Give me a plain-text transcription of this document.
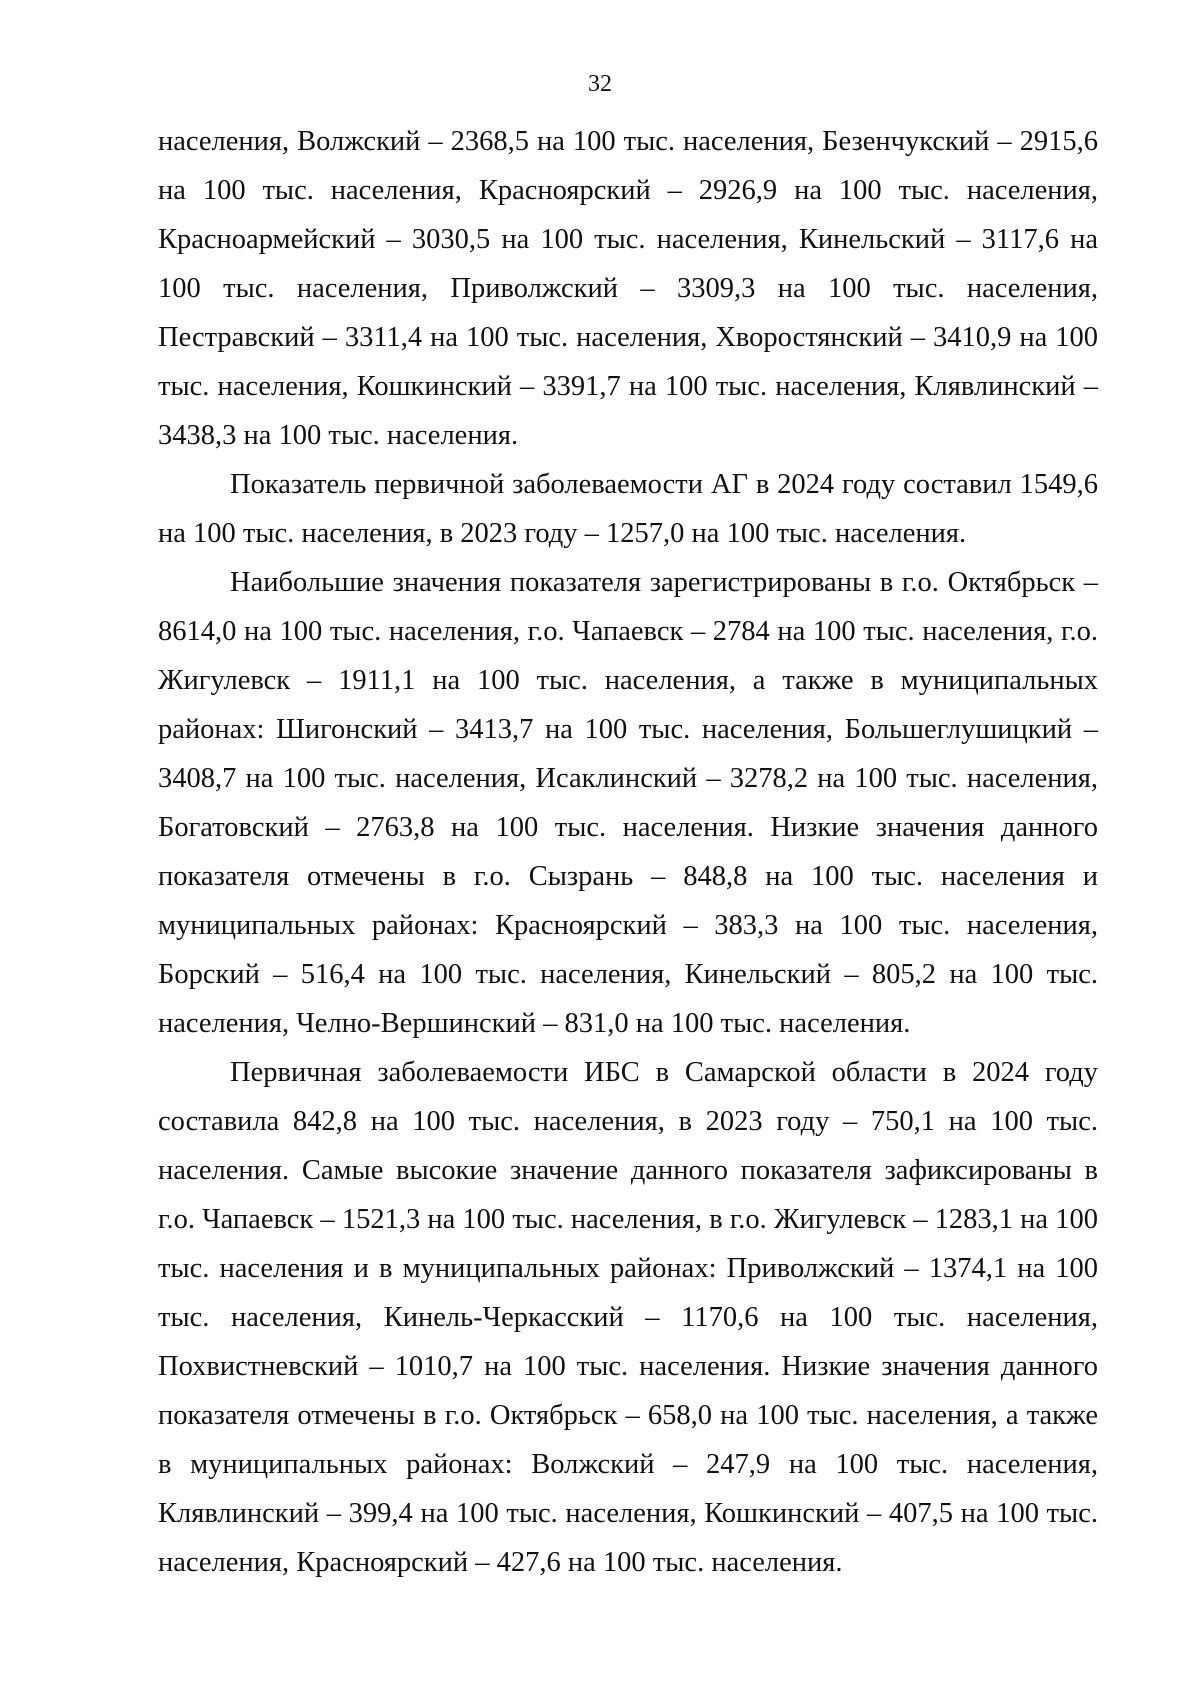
32

населения, Волжский – 2368,5 на 100 тыс. населения, Безенчукский – 2915,6 на 100 тыс. населения, Красноярский – 2926,9 на 100 тыс. населения, Красноармейский – 3030,5 на 100 тыс. населения, Кинельский – 3117,6 на 100 тыс. населения, Приволжский – 3309,3 на 100 тыс. населения, Пестравский – 3311,4 на 100 тыс. населения, Хворостянский – 3410,9 на 100 тыс. населения, Кошкинский – 3391,7 на 100 тыс. населения, Клявлинский – 3438,3 на 100 тыс. населения.

Показатель первичной заболеваемости АГ в 2024 году составил 1549,6 на 100 тыс. населения, в 2023 году – 1257,0 на 100 тыс. населения.

Наибольшие значения показателя зарегистрированы в г.о. Октябрьск – 8614,0 на 100 тыс. населения, г.о. Чапаевск – 2784 на 100 тыс. населения, г.о. Жигулевск – 1911,1 на 100 тыс. населения, а также в муниципальных районах: Шигонский – 3413,7 на 100 тыс. населения, Большеглушицкий – 3408,7 на 100 тыс. населения, Исаклинский – 3278,2 на 100 тыс. населения, Богатовский – 2763,8 на 100 тыс. населения. Низкие значения данного показателя отмечены в г.о. Сызрань – 848,8 на 100 тыс. населения и муниципальных районах: Красноярский – 383,3 на 100 тыс. населения, Борский – 516,4 на 100 тыс. населения, Кинельский – 805,2 на 100 тыс. населения, Челно-Вершинский – 831,0 на 100 тыс. населения.

Первичная заболеваемости ИБС в Самарской области в 2024 году составила 842,8 на 100 тыс. населения, в 2023 году – 750,1 на 100 тыс. населения. Самые высокие значение данного показателя зафиксированы в г.о. Чапаевск – 1521,3 на 100 тыс. населения, в г.о. Жигулевск – 1283,1 на 100 тыс. населения и в муниципальных районах: Приволжский – 1374,1 на 100 тыс. населения, Кинель-Черкасский – 1170,6 на 100 тыс. населения, Похвистневский – 1010,7 на 100 тыс. населения. Низкие значения данного показателя отмечены в г.о. Октябрьск – 658,0 на 100 тыс. населения, а также в муниципальных районах: Волжский – 247,9 на 100 тыс. населения, Клявлинский – 399,4 на 100 тыс. населения, Кошкинский – 407,5 на 100 тыс. населения, Красноярский – 427,6 на 100 тыс. населения.
